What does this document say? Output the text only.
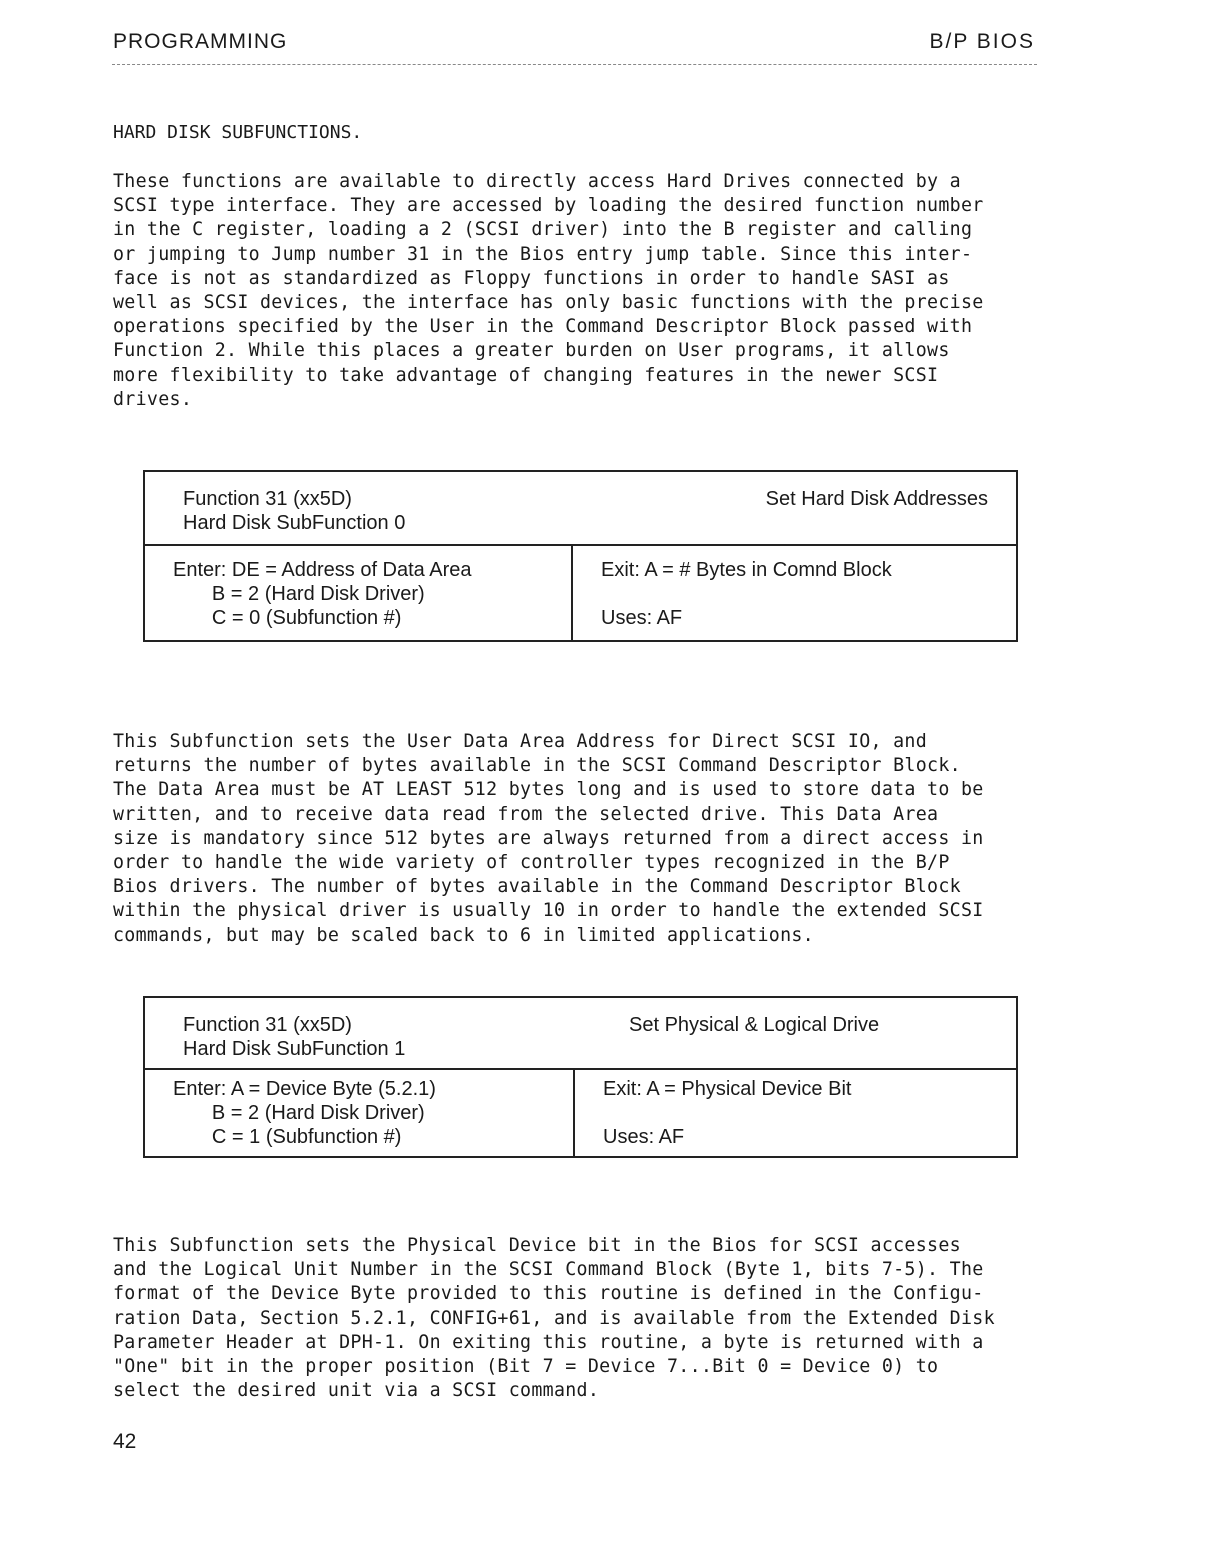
PROGRAMMING	B/P BIOS
HARD DISK SUBFUNCTIONS.

These functions are available to directly access Hard Drives connected by a
SCSI type interface. They are accessed by loading the desired function number
in the C register, loading a 2 (SCSI driver) into the B register and calling
or jumping to Jump number 31 in the Bios entry jump table. Since this inter-
face is not as standardized as Floppy functions in order to handle SASI as
well as SCSI devices, the interface has only basic functions with the precise
operations specified by the User in the Command Descriptor Block passed with
Function 2. While this places a greater burden on User programs, it allows
more flexibility to take advantage of changing features in the newer SCSI
drives.

Function 31 (xx5D)
Hard Disk SubFunction 0
Set Hard Disk Addresses
Enter: DE = Address of Data Area
B = 2 (Hard Disk Driver)
C = 0 (Subfunction #)
Exit: A = # Bytes in Comnd Block
Uses: AF

This Subfunction sets the User Data Area Address for Direct SCSI IO, and
returns the number of bytes available in the SCSI Command Descriptor Block.
The Data Area must be AT LEAST 512 bytes long and is used to store data to be
written, and to receive data read from the selected drive. This Data Area
size is mandatory since 512 bytes are always returned from a direct access in
order to handle the wide variety of controller types recognized in the B/P
Bios drivers. The number of bytes available in the Command Descriptor Block
within the physical driver is usually 10 in order to handle the extended SCSI
commands, but may be scaled back to 6 in limited applications.

Function 31 (xx5D)
Hard Disk SubFunction 1
Set Physical & Logical Drive
Enter: A = Device Byte (5.2.1)
B = 2 (Hard Disk Driver)
C = 1 (Subfunction #)
Exit: A = Physical Device Bit
Uses: AF

This Subfunction sets the Physical Device bit in the Bios for SCSI accesses
and the Logical Unit Number in the SCSI Command Block (Byte 1, bits 7-5). The
format of the Device Byte provided to this routine is defined in the Configu-
ration Data, Section 5.2.1, CONFIG+61, and is available from the Extended Disk
Parameter Header at DPH-1. On exiting this routine, a byte is returned with a
"One" bit in the proper position (Bit 7 = Device 7...Bit 0 = Device 0) to
select the desired unit via a SCSI command.

42
